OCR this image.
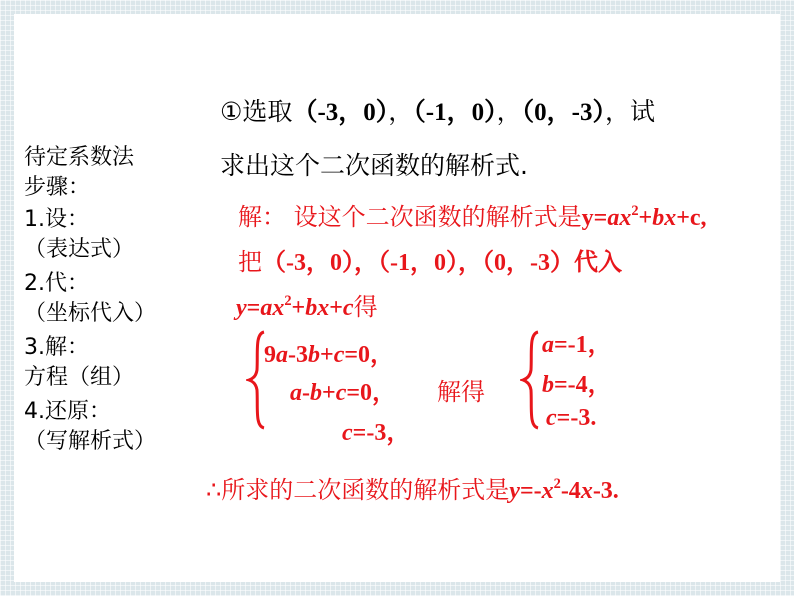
待定系数法
步骤：
1.设：
（表达式）
2.代：
（坐标代入）
3.解：
方程（组）
4.还原：
（写解析式）
①选取（-3，0），（-1，0），（0，-3），试
求出这个二次函数的解析式.
解： 设这个二次函数的解析式是$y=ax^2+bx+c$,
把（-3，0），（-1，0），（0，-3）代入
$y=ax^2+bx+c$得
9a-3b+c=0，
a-b+c=0，
c=-3，
解得
a=-1，
b=-4，
c=-3.
∴所求的二次函数的解析式是$y=-x^2-4x-3$.
